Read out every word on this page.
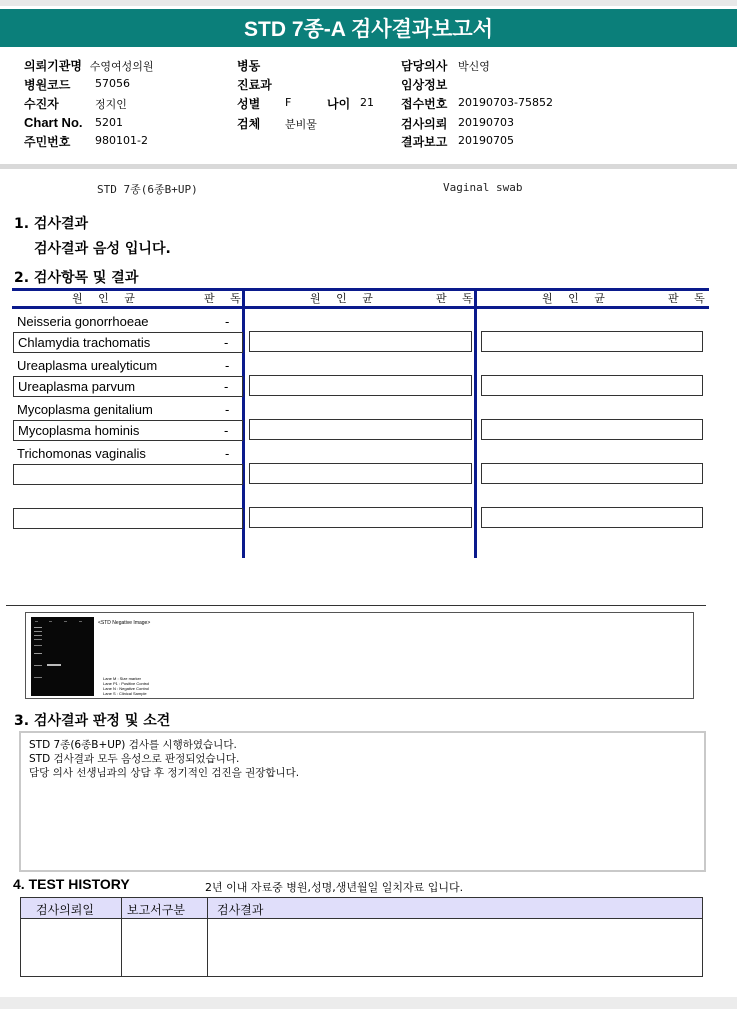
STD 7종-A 검사결과보고서
의뢰기관명 수영여성의원
병원코드 57056
수진자	정지인
Chart No. 5201
주민번호 980101-2
병동
진료과
성별 F	나이 21
검체 분비물
담당의사 박신영
임상정보
접수번호 20190703-75852
검사의뢰 20190703
결과보고 20190705
STD 7종(6종B+UP)	Vaginal swab
1. 검사결과
검사결과 음성 입니다.
2. 검사항목 및 결과
원 인 균	판 독	원 인 균	판 독	원 인 균	판 독
Neisseria gonorrhoeae	-
Chlamydia trachomatis	-
Ureaplasma urealyticum	-
Ureaplasma parvum	-
Mycoplasma genitalium	-
Mycoplasma hominis	-
Trichomonas vaginalis	-
<STD Negative Image>
Lane M : Size marker
Lane P1 : Positive Control
Lane N : Negative Control
Lane S : Clinical Sample
3. 검사결과 판정 및 소견
STD 7종(6종B+UP) 검사를 시행하였습니다.
STD 검사결과 모두 음성으로 판정되었습니다.
담당 의사 선생님과의 상담 후 정기적인 검진을 권장합니다.
4. TEST HISTORY	2년 이내 자료중 병원,성명,생년월일 일치자료 입니다.
검사의뢰일	보고서구분	검사결과
